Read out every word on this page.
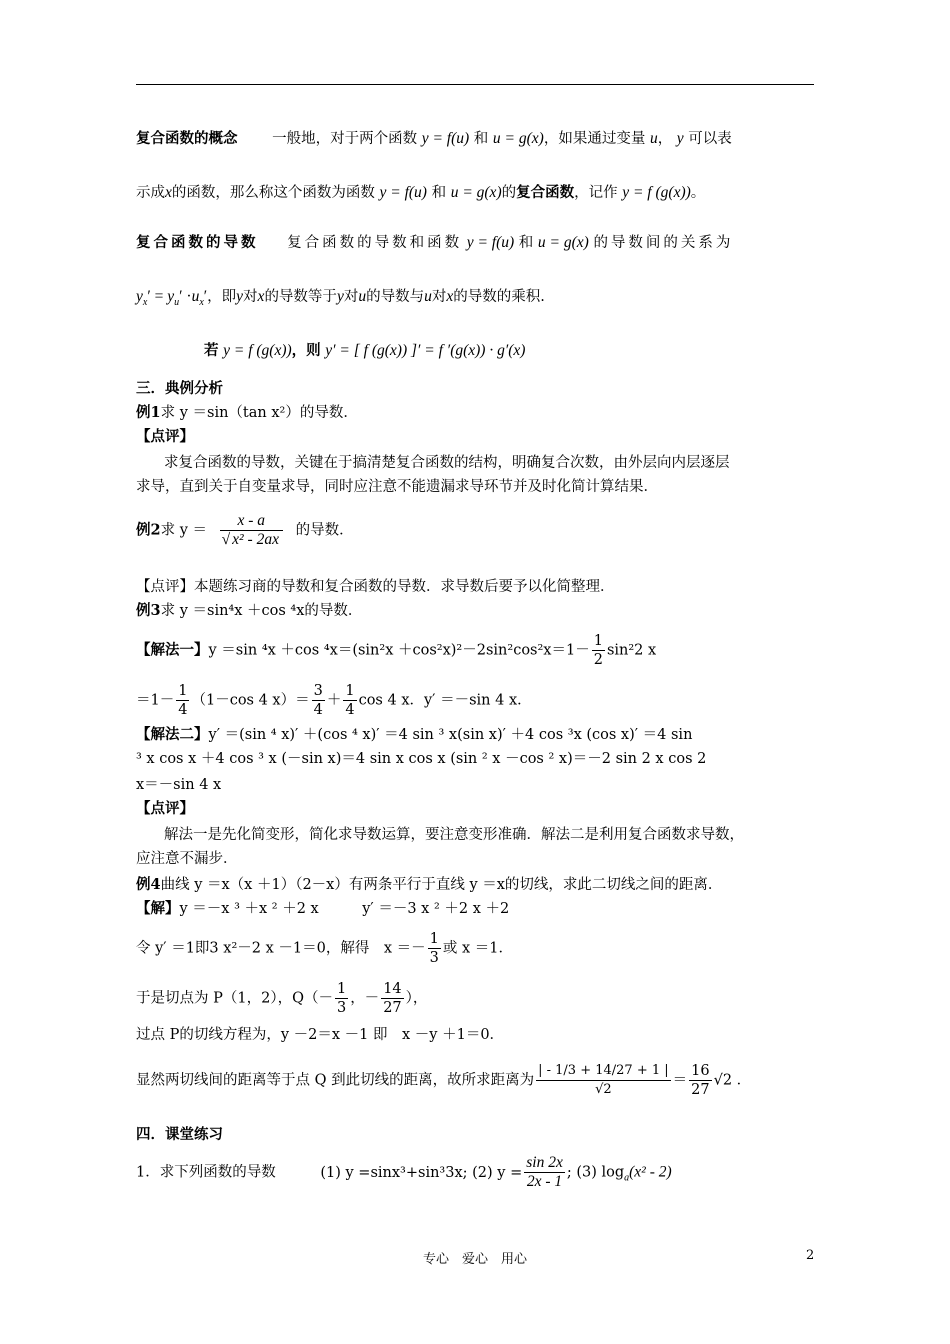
复合函数的概念 一般地，对于两个函数 y = f(u) 和 u = g(x)，如果通过变量 u， y 可以表
示成x的函数，那么称这个函数为函数 y = f(u) 和 u = g(x)的复合函数，记作 y = f (g(x))。
复合函数的导数 复合函数的导数和函数 y = f(u) 和 u = g(x) 的导数间的关系为
$y_x' = y_u' \cdot u_x'$，即y对x的导数等于y对u的导数与u对x的导数的乘积.
若 y = f (g(x))，则 y′ = [ f (g(x)) ]′ = f ′(g(x)) · g′(x)
三．典例分析
例1求 y ＝sin（tan x²）的导数．
【点评】
求复合函数的导数，关键在于搞清楚复合函数的结构，明确复合次数，由外层向内层逐层
求导，直到关于自变量求导，同时应注意不能遗漏求导环节并及时化简计算结果．
例2求 $y = \frac{x - a}{\text{√ x² - 2ax}}$ 的导数．
【点评】本题练习商的导数和复合函数的导数．求导数后要予以化简整理．
例3求 y ＝sin⁴x ＋cos ⁴x的导数．
【解法一】y ＝sin ⁴x ＋cos $^4x=(\sin^2x +\cos^2x)^2-2\sin^2\cos^2x=1- \frac{1}{2} \sin^22$ x
$=1- \frac{1}{4} (1-\cos$ 4 $x)= \frac{3}{4} + \frac{1}{4}$ cos 4 x．y′ ＝－sin 4 x．
【解法二】y′ ＝(sin ⁴ x)′ ＋(cos ⁴ x)′ ＝4 sin ³ x(sin x)′ ＋4 cos ³x (cos x)′ ＝4 sin
³ x cos x ＋4 cos ³ x (－sin x)＝4 sin x cos x (sin ² x －cos ² x)＝－2 sin 2 x cos 2
x＝－sin 4 x
【点评】
解法一是先化简变形，简化求导数运算，要注意变形准确．解法二是利用复合函数求导数，
应注意不漏步．
例4曲线 y ＝x（x ＋1）（2－x）有两条平行于直线 y ＝x的切线，求此二切线之间的距离．
【解】y ＝－x ³ ＋x ² ＋2 x　　　y′ ＝－3 x ² ＋2 x ＋2
令 y′ ＝1即3 x²－2 x －1＝0，解得　$x =- \frac{1}{3}$ 或 x ＝1．
于是切点为 P（1，2），$Q(- \frac{1}{3}$ ，－ $\frac{14}{27}$ ），
过点 P的切线方程为，y －2＝x －1 即　x －y ＋1＝0．
显然两切线间的距离等于点 Q 到此切线的距离，故所求距离为 $\frac{| - 1/3 + 14/27 + 1 |}{√2} = \frac{16}{27} √2$ ．
四．课堂练习
1．求下列函数的导数	(1) y =sinx³+sin³3x; (2) $y = \frac{\sin 2x}{2x - 1}$ ; (3) $\log_a(x^2 - 2)$
专心　爱心　用心	2
